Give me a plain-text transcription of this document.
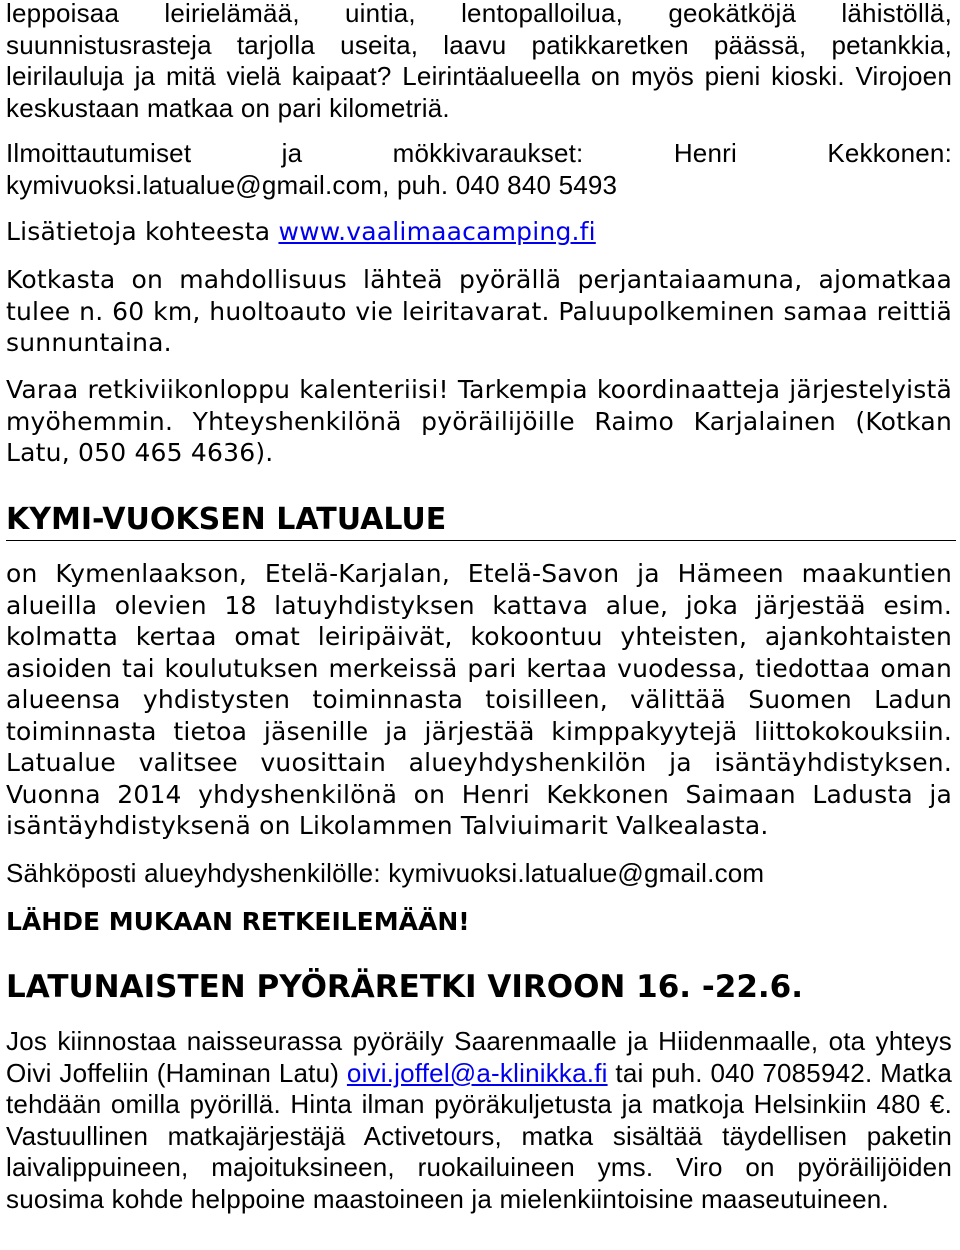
leppoisaa leirielämää, uintia, lentopalloilua, geokätköjä lähistöllä, suunnistusrasteja tarjolla useita, laavu patikkaretken päässä, petankkia, leirilauluja ja mitä vielä kaipaat? Leirintäalueella on myös pieni kioski. Virojoen keskustaan matkaa on pari kilometriä.

Ilmoittautumiset ja mökkivaraukset: Henri Kekkonen: kymivuoksi.latualue@gmail.com, puh. 040 840 5493

Lisätietoja kohteesta www.vaalimaacamping.fi

Kotkasta on mahdollisuus lähteä pyörällä perjantaiaamuna, ajomatkaa tulee n. 60 km, huoltoauto vie leiritavarat. Paluupolkeminen samaa reittiä sunnuntaina.

Varaa retkiviikonloppu kalenteriisi! Tarkempia koordinaatteja järjestelyistä myöhemmin. Yhteyshenkilönä pyöräilijöille Raimo Karjalainen (Kotkan Latu, 050 465 4636).

KYMI-VUOKSEN LATUALUE

on Kymenlaakson, Etelä-Karjalan, Etelä-Savon ja Hämeen maakuntien alueilla olevien 18 latuyhdistyksen kattava alue, joka järjestää esim. kolmatta kertaa omat leiripäivät, kokoontuu yhteisten, ajankohtaisten asioiden tai koulutuksen merkeissä pari kertaa vuodessa, tiedottaa oman alueensa yhdistysten toiminnasta toisilleen, välittää Suomen Ladun toiminnasta tietoa jäsenille ja järjestää kimppakyytejä liittokokouksiin. Latualue valitsee vuosittain alueyhdyshenkilön ja isäntäyhdistyksen. Vuonna 2014 yhdyshenkilönä on Henri Kekkonen Saimaan Ladusta ja isäntäyhdistyksenä on Likolammen Talviuimarit Valkealasta.

Sähköposti alueyhdyshenkilölle: kymivuoksi.latualue@gmail.com

LÄHDE MUKAAN RETKEILEMÄÄN!

LATUNAISTEN PYÖRÄRETKI VIROON 16. -22.6.

Jos kiinnostaa naisseurassa pyöräily Saarenmaalle ja Hiidenmaalle, ota yhteys Oivi Joffeliin (Haminan Latu) oivi.joffel@a-klinikka.fi tai puh. 040 7085942. Matka tehdään omilla pyörillä. Hinta ilman pyöräkuljetusta ja matkoja Helsinkiin 480 €. Vastuullinen matkajärjestäjä Activetours, matka sisältää täydellisen paketin laivalippuineen, majoituksineen, ruokailuineen yms. Viro on pyöräilijöiden suosima kohde helppoine maastoineen ja mielenkiintoisine maaseutuineen.
